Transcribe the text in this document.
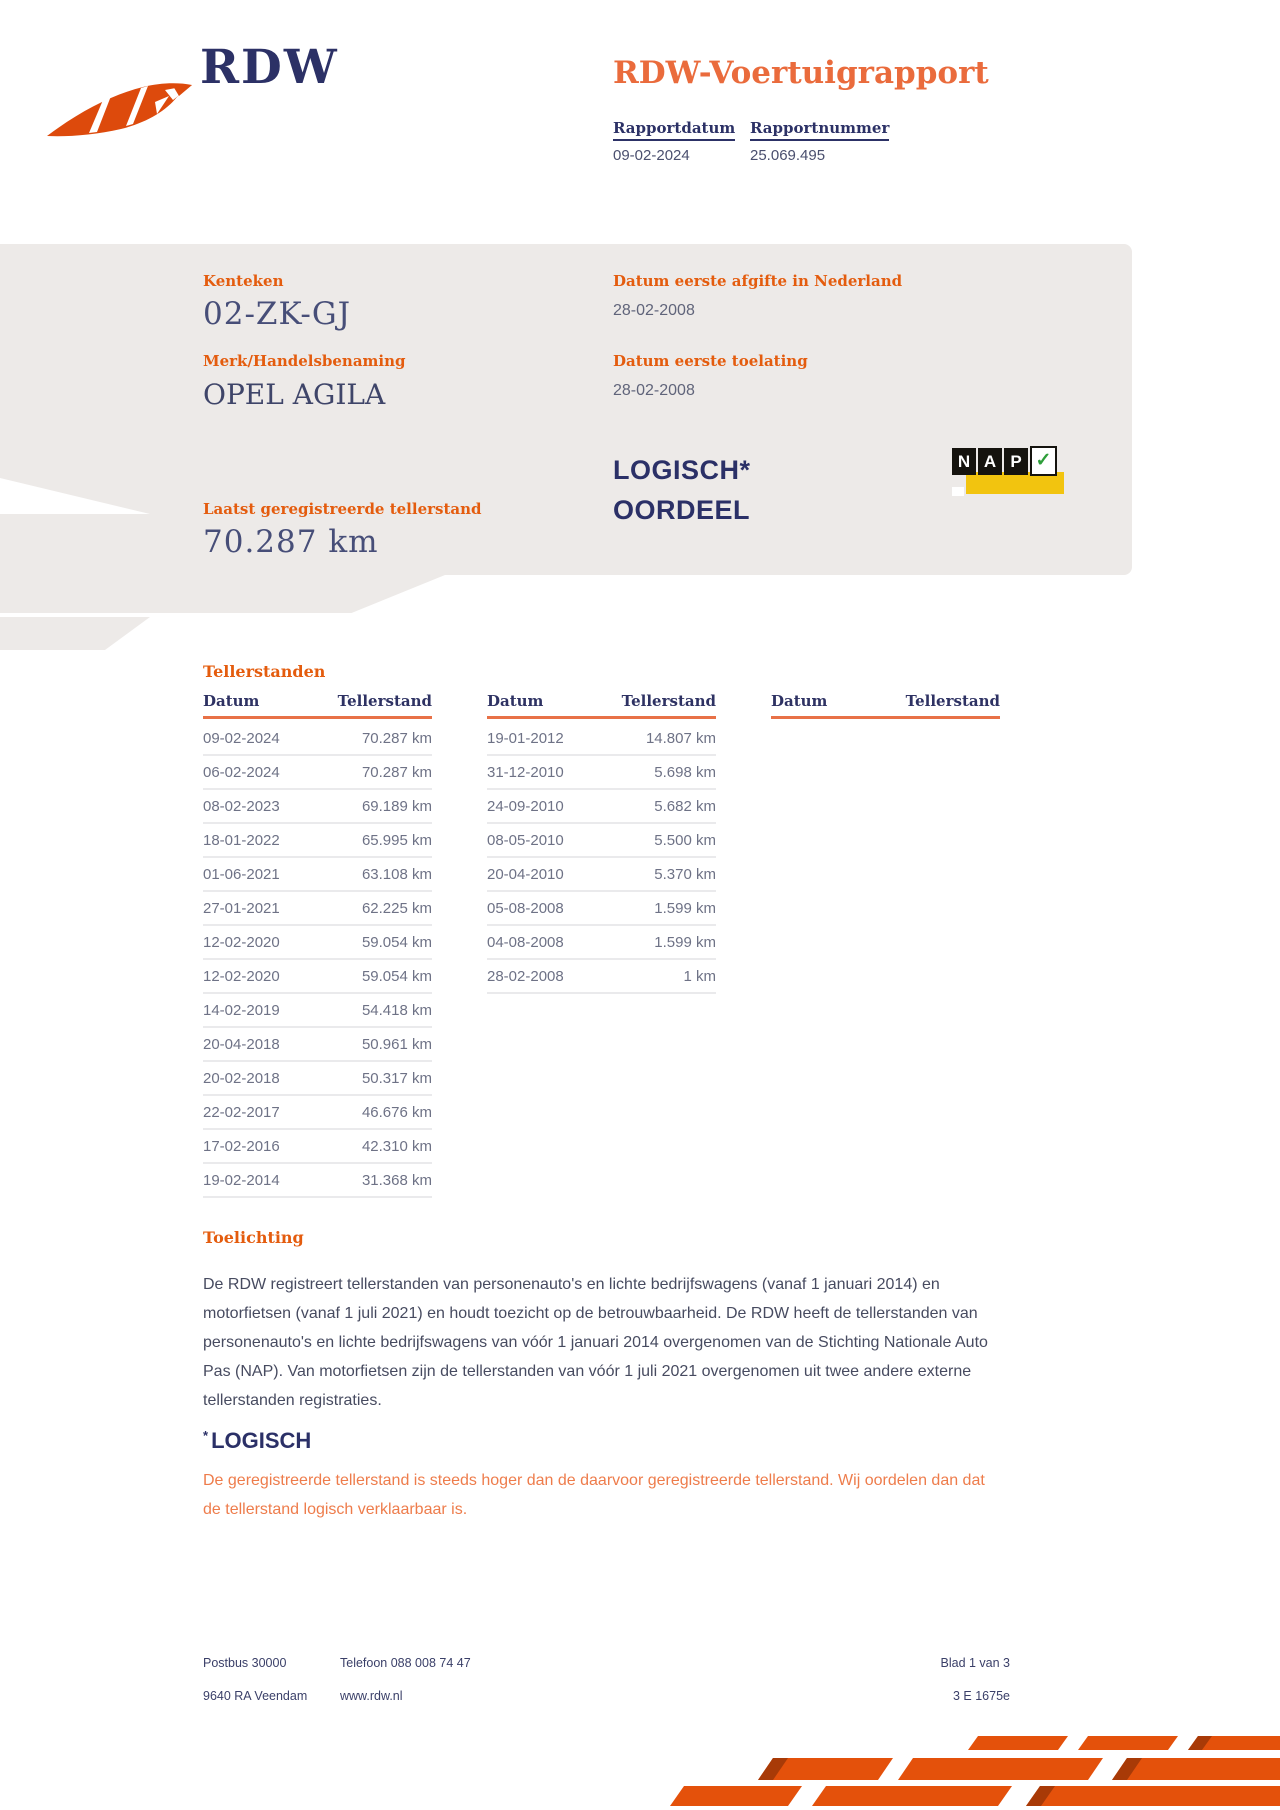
RDW	RDW-Voertuigrapport
Rapportdatum Rapportnummer
09-02-2024	25.069.495
Kenteken
02-ZK-GJ
Merk/Handelsbenaming
OPEL AGILA
Datum eerste afgifte in Nederland
28-02-2008
Datum eerste toelating
28-02-2008
LOGISCH*
OORDEEL
N A P ✓
Laatst geregistreerde tellerstand
70.287 km
Tellerstanden
Datum	Tellerstand
09-02-2024	70.287 km
06-02-2024	70.287 km
08-02-2023	69.189 km
18-01-2022	65.995 km
01-06-2021	63.108 km
27-01-2021	62.225 km
12-02-2020	59.054 km
12-02-2020	59.054 km
14-02-2019	54.418 km
20-04-2018	50.961 km
20-02-2018	50.317 km
22-02-2017	46.676 km
17-02-2016	42.310 km
19-02-2014	31.368 km
Datum	Tellerstand
19-01-2012	14.807 km
31-12-2010	5.698 km
24-09-2010	5.682 km
08-05-2010	5.500 km
20-04-2010	5.370 km
05-08-2008	1.599 km
04-08-2008	1.599 km
28-02-2008	1 km
Datum	Tellerstand
Toelichting
De RDW registreert tellerstanden van personenauto's en lichte bedrijfswagens (vanaf 1 januari 2014) en motorfietsen (vanaf 1 juli 2021) en houdt toezicht op de betrouwbaarheid. De RDW heeft de tellerstanden van personenauto's en lichte bedrijfswagens van vóór 1 januari 2014 overgenomen van de Stichting Nationale Auto Pas (NAP). Van motorfietsen zijn de tellerstanden van vóór 1 juli 2021 overgenomen uit twee andere externe tellerstanden registraties.
* LOGISCH
De geregistreerde tellerstand is steeds hoger dan de daarvoor geregistreerde tellerstand. Wij oordelen dan dat de tellerstand logisch verklaarbaar is.
Postbus 30000
9640 RA Veendam
Telefoon 088 008 74 47
www.rdw.nl
Blad 1 van 3
3 E 1675e
